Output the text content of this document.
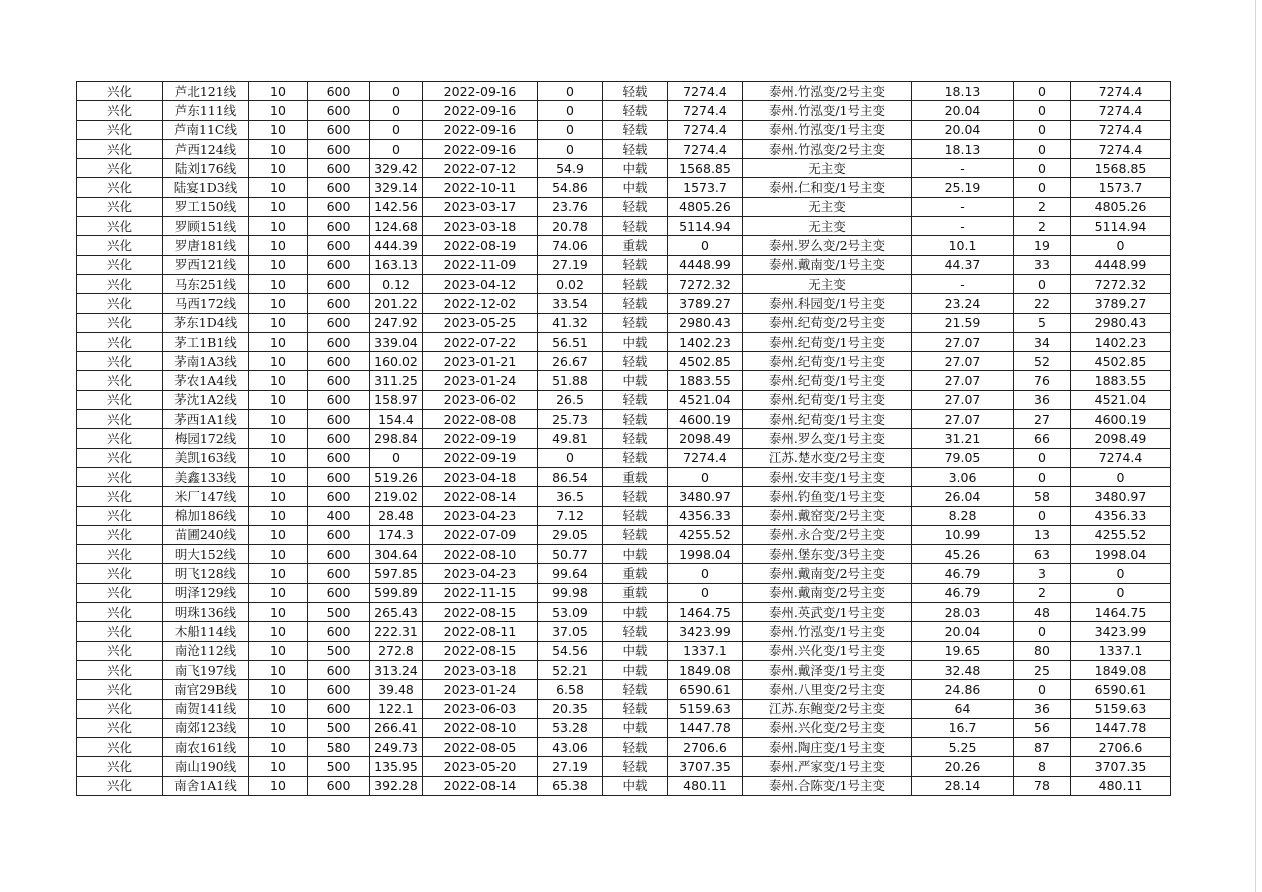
兴化	芦北121线	10	600	0	2022-09-16	0	轻载	7274.4	泰州.竹泓变/2号主变	18.13	0	7274.4
兴化	芦东111线	10	600	0	2022-09-16	0	轻载	7274.4	泰州.竹泓变/1号主变	20.04	0	7274.4
兴化	芦南11C线	10	600	0	2022-09-16	0	轻载	7274.4	泰州.竹泓变/1号主变	20.04	0	7274.4
兴化	芦西124线	10	600	0	2022-09-16	0	轻载	7274.4	泰州.竹泓变/2号主变	18.13	0	7274.4
兴化	陆刘176线	10	600	329.42	2022-07-12	54.9	中载	1568.85	无主变	-	0	1568.85
兴化	陆宴1D3线	10	600	329.14	2022-10-11	54.86	中载	1573.7	泰州.仁和变/1号主变	25.19	0	1573.7
兴化	罗工150线	10	600	142.56	2023-03-17	23.76	轻载	4805.26	无主变	-	2	4805.26
兴化	罗顾151线	10	600	124.68	2023-03-18	20.78	轻载	5114.94	无主变	-	2	5114.94
兴化	罗唐181线	10	600	444.39	2022-08-19	74.06	重载	0	泰州.罗么变/2号主变	10.1	19	0
兴化	罗西121线	10	600	163.13	2022-11-09	27.19	轻载	4448.99	泰州.戴南变/1号主变	44.37	33	4448.99
兴化	马东251线	10	600	0.12	2023-04-12	0.02	轻载	7272.32	无主变	-	0	7272.32
兴化	马西172线	10	600	201.22	2022-12-02	33.54	轻载	3789.27	泰州.科园变/1号主变	23.24	22	3789.27
兴化	茅东1D4线	10	600	247.92	2023-05-25	41.32	轻载	2980.43	泰州.纪荀变/2号主变	21.59	5	2980.43
兴化	茅工1B1线	10	600	339.04	2022-07-22	56.51	中载	1402.23	泰州.纪荀变/1号主变	27.07	34	1402.23
兴化	茅南1A3线	10	600	160.02	2023-01-21	26.67	轻载	4502.85	泰州.纪荀变/1号主变	27.07	52	4502.85
兴化	茅农1A4线	10	600	311.25	2023-01-24	51.88	中载	1883.55	泰州.纪荀变/1号主变	27.07	76	1883.55
兴化	茅沈1A2线	10	600	158.97	2023-06-02	26.5	轻载	4521.04	泰州.纪荀变/1号主变	27.07	36	4521.04
兴化	茅西1A1线	10	600	154.4	2022-08-08	25.73	轻载	4600.19	泰州.纪荀变/1号主变	27.07	27	4600.19
兴化	梅园172线	10	600	298.84	2022-09-19	49.81	轻载	2098.49	泰州.罗么变/1号主变	31.21	66	2098.49
兴化	美凯163线	10	600	0	2022-09-19	0	轻载	7274.4	江苏.楚水变/2号主变	79.05	0	7274.4
兴化	美鑫133线	10	600	519.26	2023-04-18	86.54	重载	0	泰州.安丰变/1号主变	3.06	0	0
兴化	米厂147线	10	600	219.02	2022-08-14	36.5	轻载	3480.97	泰州.钓鱼变/1号主变	26.04	58	3480.97
兴化	棉加186线	10	400	28.48	2023-04-23	7.12	轻载	4356.33	泰州.戴窑变/2号主变	8.28	0	4356.33
兴化	苗圃240线	10	600	174.3	2022-07-09	29.05	轻载	4255.52	泰州.永合变/2号主变	10.99	13	4255.52
兴化	明大152线	10	600	304.64	2022-08-10	50.77	中载	1998.04	泰州.堡东变/3号主变	45.26	63	1998.04
兴化	明飞128线	10	600	597.85	2023-04-23	99.64	重载	0	泰州.戴南变/2号主变	46.79	3	0
兴化	明泽129线	10	600	599.89	2022-11-15	99.98	重载	0	泰州.戴南变/2号主变	46.79	2	0
兴化	明珠136线	10	500	265.43	2022-08-15	53.09	中载	1464.75	泰州.英武变/1号主变	28.03	48	1464.75
兴化	木船114线	10	600	222.31	2022-08-11	37.05	轻载	3423.99	泰州.竹泓变/1号主变	20.04	0	3423.99
兴化	南沧112线	10	500	272.8	2022-08-15	54.56	中载	1337.1	泰州.兴化变/1号主变	19.65	80	1337.1
兴化	南飞197线	10	600	313.24	2023-03-18	52.21	中载	1849.08	泰州.戴泽变/1号主变	32.48	25	1849.08
兴化	南官29B线	10	600	39.48	2023-01-24	6.58	轻载	6590.61	泰州.八里变/2号主变	24.86	0	6590.61
兴化	南贺141线	10	600	122.1	2023-06-03	20.35	轻载	5159.63	江苏.东鲍变/2号主变	64	36	5159.63
兴化	南郊123线	10	500	266.41	2022-08-10	53.28	中载	1447.78	泰州.兴化变/2号主变	16.7	56	1447.78
兴化	南农161线	10	580	249.73	2022-08-05	43.06	轻载	2706.6	泰州.陶庄变/1号主变	5.25	87	2706.6
兴化	南山190线	10	500	135.95	2023-05-20	27.19	轻载	3707.35	泰州.严家变/1号主变	20.26	8	3707.35
兴化	南舍1A1线	10	600	392.28	2022-08-14	65.38	中载	480.11	泰州.合陈变/1号主变	28.14	78	480.11
